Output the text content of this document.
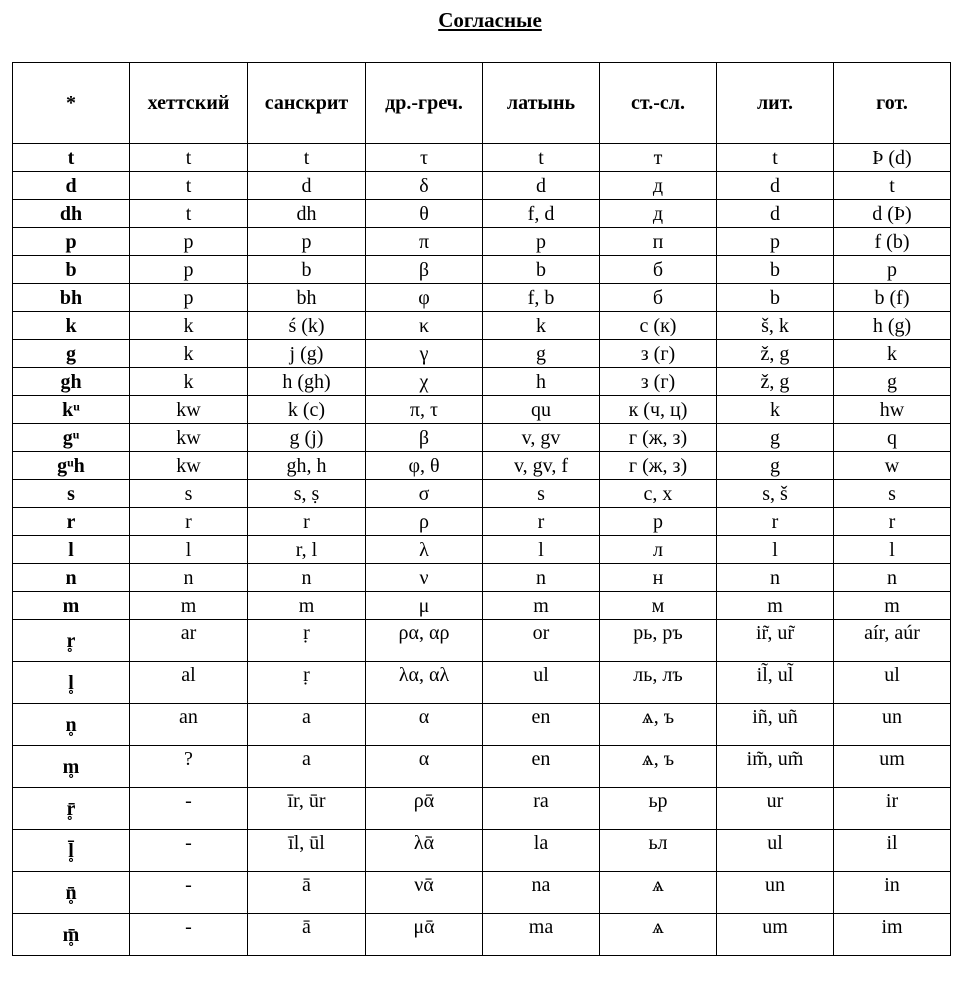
Согласные
*	хеттский	санскрит	др.-греч.	латынь	ст.-сл.	лит.	гот.
t	t	t	τ	t	т	t	Þ (d)
d	t	d	δ	d	д	d	t
dh	t	dh	θ	f, d	д	d	d (Þ)
p	p	p	π	p	п	p	f (b)
b	p	b	β	b	б	b	p
bh	p	bh	φ	f, b	б	b	b (f)
k	k	ś (k)	κ	k	с (к)	š, k	h (g)
g	k	j (g)	γ	g	з (г)	ž, g	k
gh	k	h (gh)	χ	h	з (г)	ž, g	g
kᵘ	kw	k (c)	π, τ	qu	к (ч, ц)	k	hw
gᵘ	kw	g (j)	β	v, gv	г (ж, з)	g	q
gᵘh	kw	gh, h	φ, θ	v, gv, f	г (ж, з)	g	w
s	s	s, ṣ	σ	s	с, х	s, š	s
r	r	r	ρ	r	р	r	r
l	l	r, l	λ	l	л	l	l
n	n	n	ν	n	н	n	n
m	m	m	μ	m	м	m	m
r̥	ar	ṛ	ρα, αρ	or	рь, ръ	ir̃, ur̃	aír, aúr
l̥	al	ṛ	λα, αλ	ul	ль, лъ	il̃, ul̃	ul
n̥	an	a	α	en	ѧ, ъ	iñ, uñ	un
m̥	?	a	α	en	ѧ, ъ	im̃, um̃	um
r̥̄	-	īr, ūr	ρᾱ	ra	ьр	ur	ir
l̥̄	-	īl, ūl	λᾱ	la	ьл	ul	il
n̥̄	-	ā	νᾱ	na	ѧ	un	in
m̥̄	-	ā	μᾱ	ma	ѧ	um	im
